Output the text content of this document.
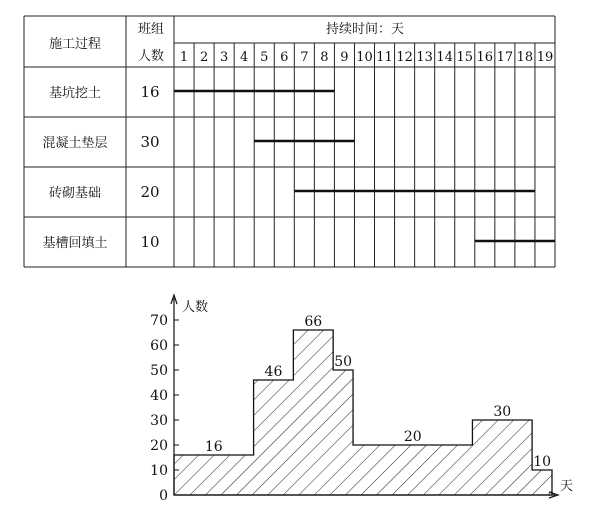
施工过程
班组
人数
持续时间：天
1 2 3 4 5 6 7 8 9 10 11 12 13 14 15 16 17 18 19
基坑挖土	16
混凝土垫层 30
砖砌基础	20
基槽回填土 10
16
46
66
50
20
30
10
0
10
20
30
40
50
60
70
人数
天
